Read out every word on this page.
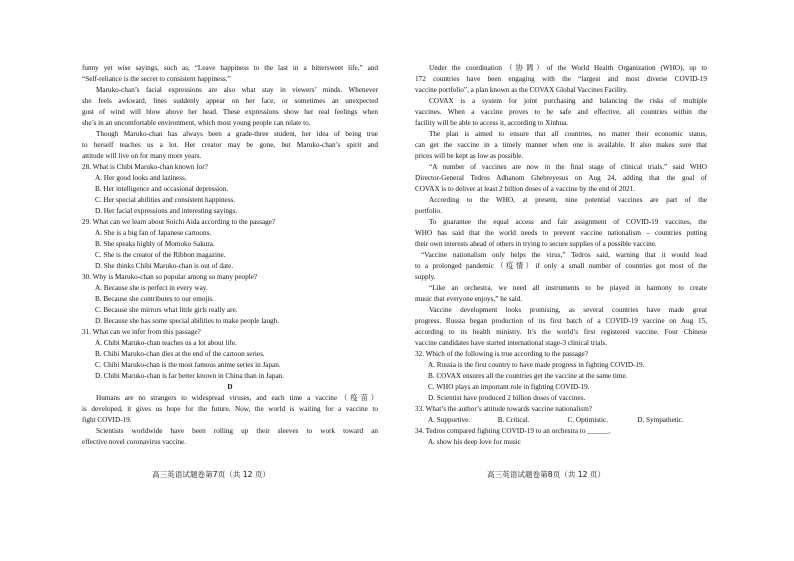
funny yet wise sayings, such as, “Leave happiness to the last in a bittersweet life,” and
“Self-reliance is the secret to consistent happiness.”
Maruko-chan’s facial expressions are also what stay in viewers’ minds. Whenever
she feels awkward, lines suddenly appear on her face, or sometimes an unexpected
gust of wind will blow above her head. These expressions show her real feelings when
she’s in an uncomfortable environment, which most young people can relate to.
Though Maruko-chan has always been a grade-three student, her idea of being true
to herself teaches us a lot. Her creator may be gone, but Maruko-chan’s spirit and
attitude will live on for many more years.
28. What is Chibi Maruko-chan known for?
A. Her good looks and laziness.
B. Her intelligence and occasional depression.
C. Her special abilities and consistent happiness.
D. Her facial expressions and interesting sayings.
29. What can we learn about Soichi Aida according to the passage?
A. She is a big fan of Japanese cartoons.
B. She speaks highly of Momoko Sakura.
C. She is the creator of the Ribbon magazine.
D. She thinks Chibi Maruko-chan is out of date.
30. Why is Maruko-chan so popular among so many people?
A. Because she is perfect in every way.
B. Because she contributes to our emojis.
C. Because she mirrors what little girls really are.
D. Because she has some special abilities to make people laugh.
31. What can we infer from this passage?
A. Chibi Maruko-chan teaches us a lot about life.
B. Chibi Maruko-chan dies at the end of the cartoon series.
C. Chibi Maruko-chan is the most famous anime series in Japan.
D. Chibi Maruko-chan is far better known in China than in Japan.
D
Humans are no strangers to widespread viruses, and each time a vaccine（疫苗）
is developed, it gives us hope for the future. Now, the world is waiting for a vaccine to
fight COVID-19.
Scientists worldwide have been rolling up their sleeves to work toward an
effective novel coronavirus vaccine.
Under the coordination（协调）of the World Health Organization (WHO), up to
172 countries have been engaging with the “largest and most diverse COVID-19
vaccine portfolio”, a plan known as the COVAX Global Vaccines Facility.
COVAX is a system for joint purchasing and balancing the risks of multiple
vaccines. When a vaccine proves to be safe and effective, all countries within the
facility will be able to access it, according to Xinhua.
The plan is aimed to ensure that all countries, no matter their economic status,
can get the vaccine in a timely manner when one is available. It also makes sure that
prices will be kept as low as possible.
“A number of vaccines are now in the final stage of clinical trials,” said WHO
Director-General Tedros Adhanom Ghebreyesus on Aug 24, adding that the goal of
COVAX is to deliver at least 2 billion doses of a vaccine by the end of 2021.
According to the WHO, at present, nine potential vaccines are part of the
portfolio.
To guarantee the equal access and fair assignment of COVID-19 vaccines, the
WHO has said that the world needs to prevent vaccine nationalism – countries putting
their own interests ahead of others in trying to secure supplies of a possible vaccine.
“Vaccine nationalism only helps the virus,” Tedros said, warning that it would lead
to a prolonged pandemic（疫情）if only a small number of countries got most of the
supply.
“Like an orchestra, we need all instruments to be played in harmony to create
music that everyone enjoys,” he said.
Vaccine development looks promising, as several countries have made great
progress. Russia began production of its first batch of a COVID-19 vaccine on Aug 15,
according to its health ministry. It’s the world’s first registered vaccine. Four Chinese
vaccine candidates have started international stage-3 clinical trials.
32. Which of the following is true according to the passage?
A. Russia is the first country to have made progress in fighting COVID-19.
B. COVAX ensures all the countries get the vaccine at the same time.
C. WHO plays an important role in fighting COVID-19.
D. Scientist have produced 2 billion doses of vaccines.
33. What’s the author’s attitude towards vaccine nationalism?
A. Supportive.	B. Critical.	C. Optimistic.	D. Sympathetic.
34. Tedros compared fighting COVID-19 to an orchestra to ______.
A. show his deep love for music
高三英语试题卷第7页（共 12 页）	高三英语试题卷第8页（共 12 页）
